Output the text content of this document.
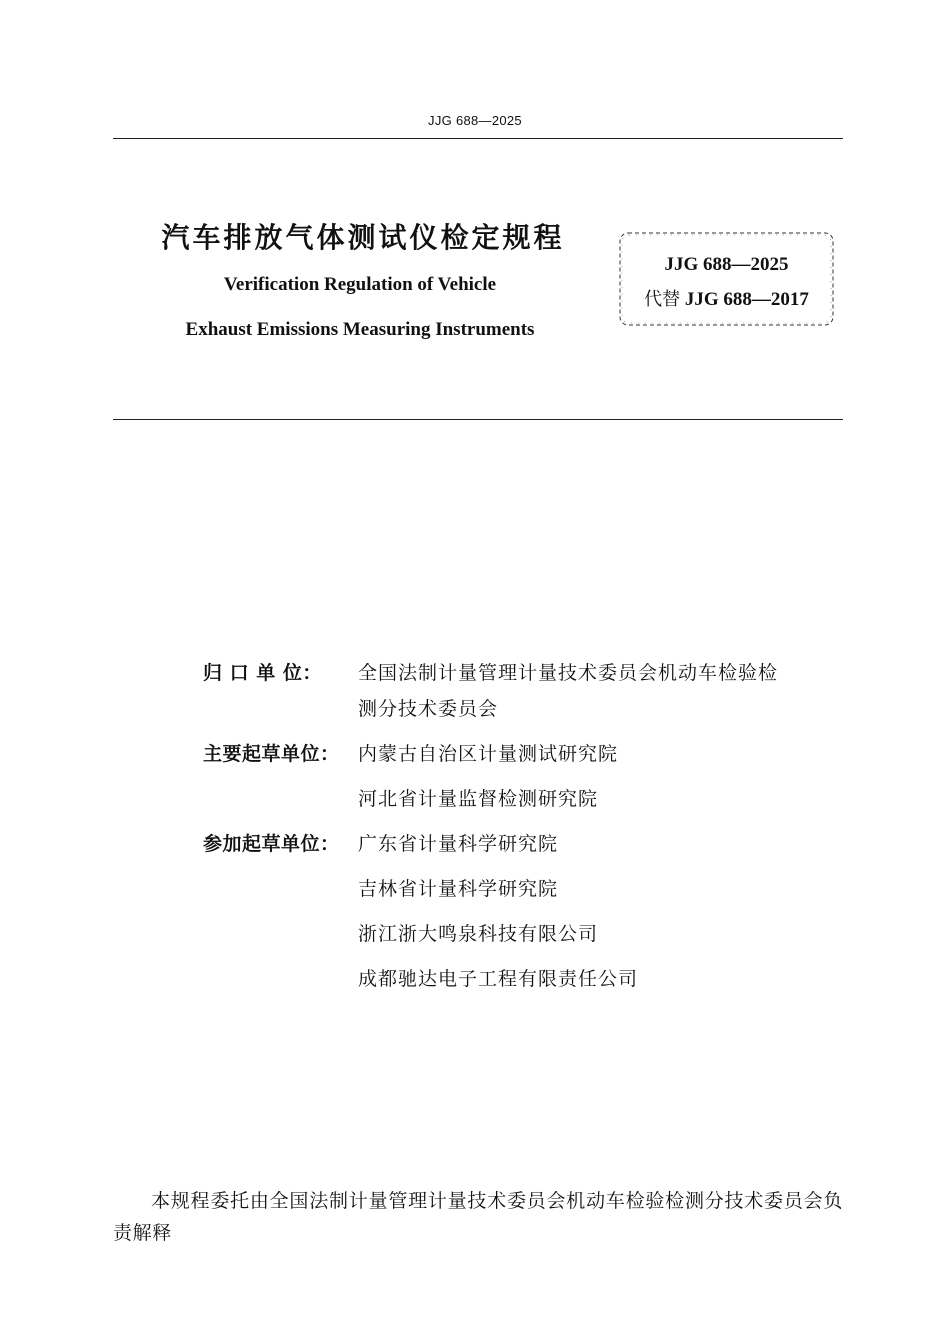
JJG 688—2025
汽车排放气体测试仪检定规程
Verification Regulation of Vehicle
Exhaust Emissions Measuring Instruments
JJG 688—2025
代替 JJG 688—2017
归 口 单 位：	全国法制计量管理计量技术委员会机动车检验检
测分技术委员会
主要起草单位： 内蒙古自治区计量测试研究院
河北省计量监督检测研究院
参加起草单位： 广东省计量科学研究院
吉林省计量科学研究院
浙江浙大鸣泉科技有限公司
成都驰达电子工程有限责任公司
本规程委托由全国法制计量管理计量技术委员会机动车检验检测分技术委员会负责解释
